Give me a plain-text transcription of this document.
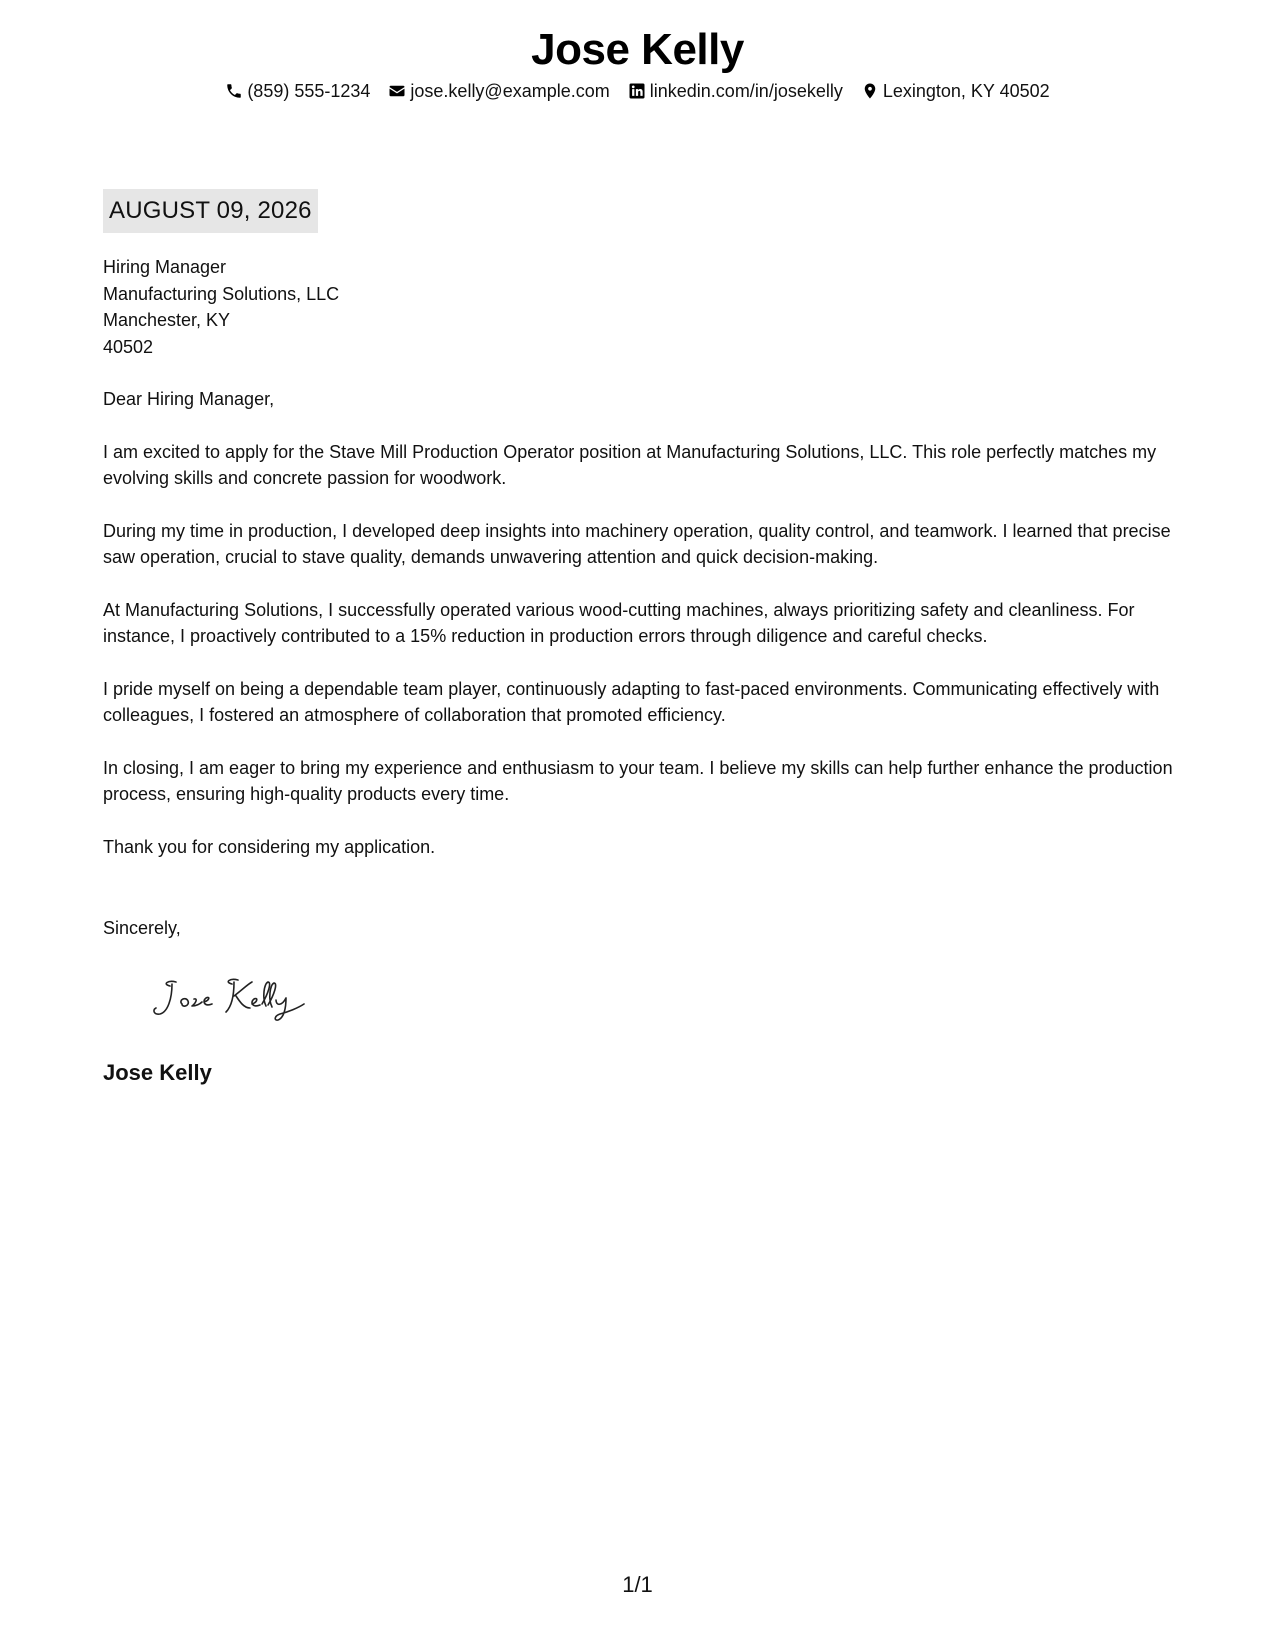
Jose Kelly
(859) 555-1234 jose.kelly@example.com linkedin.com/in/josekelly Lexington, KY 40502
AUGUST 09, 2026
Hiring Manager
Manufacturing Solutions, LLC
Manchester, KY
40502

Dear Hiring Manager,

I am excited to apply for the Stave Mill Production Operator position at Manufacturing Solutions, LLC. This role perfectly matches my evolving skills and concrete passion for woodwork.

During my time in production, I developed deep insights into machinery operation, quality control, and teamwork. I learned that precise saw operation, crucial to stave quality, demands unwavering attention and quick decision-making.

At Manufacturing Solutions, I successfully operated various wood-cutting machines, always prioritizing safety and cleanliness. For instance, I proactively contributed to a 15% reduction in production errors through diligence and careful checks.

I pride myself on being a dependable team player, continuously adapting to fast-paced environments. Communicating effectively with colleagues, I fostered an atmosphere of collaboration that promoted efficiency.

In closing, I am eager to bring my experience and enthusiasm to your team. I believe my skills can help further enhance the production process, ensuring high-quality products every time.

Thank you for considering my application.

Sincerely,
Jose Kelly
1/1
